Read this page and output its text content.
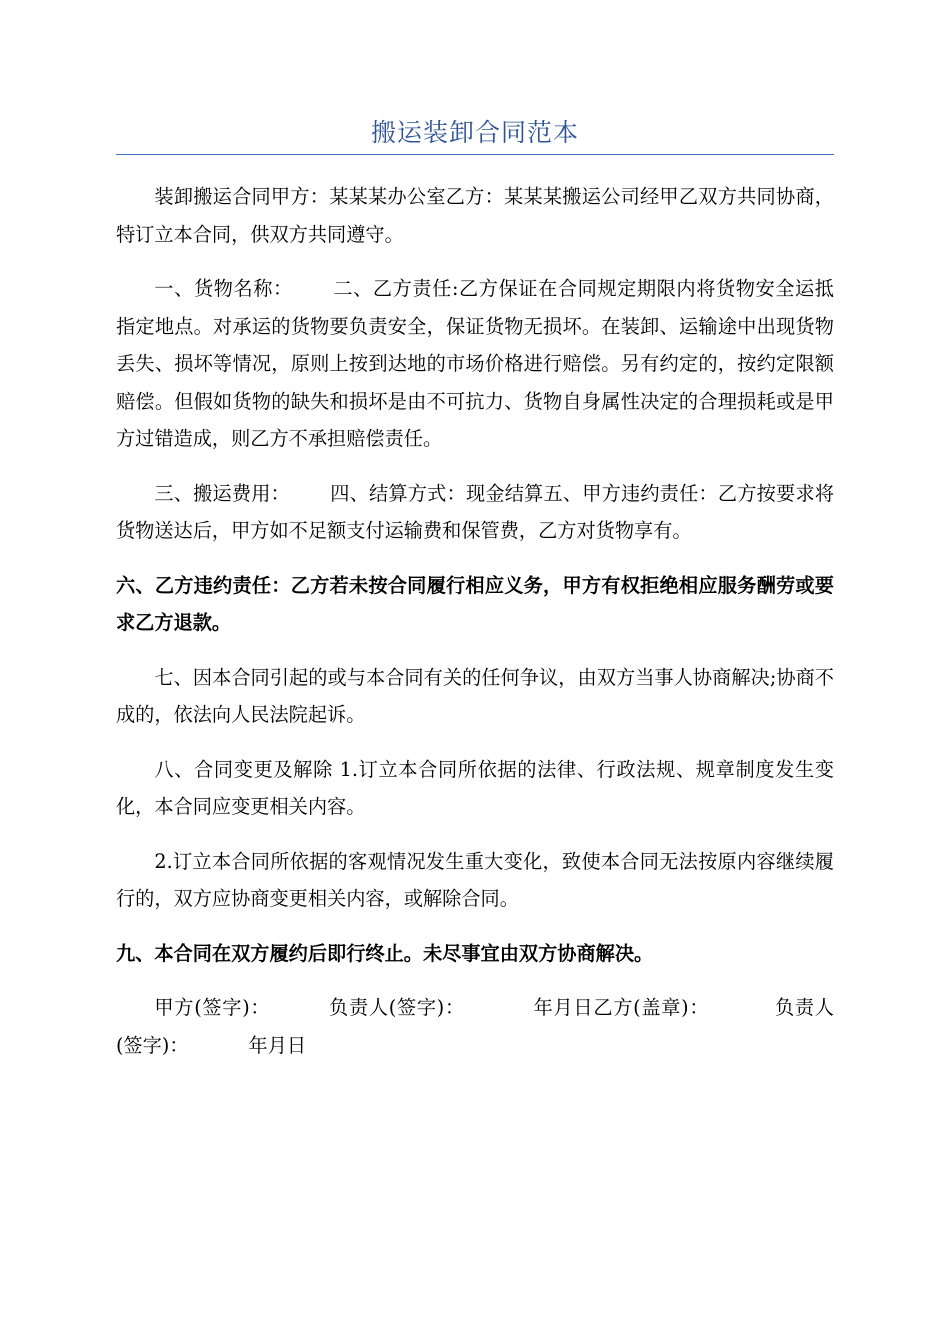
搬运装卸合同范本

装卸搬运合同甲方：某某某办公室乙方：某某某搬运公司经甲乙双方共同协商，特订立本合同，供双方共同遵守。

一、货物名称： 二、乙方责任:乙方保证在合同规定期限内将货物安全运抵指定地点。对承运的货物要负责安全，保证货物无损坏。在装卸、运输途中出现货物丢失、损坏等情况，原则上按到达地的市场价格进行赔偿。另有约定的，按约定限额赔偿。但假如货物的缺失和损坏是由不可抗力、货物自身属性决定的合理损耗或是甲方过错造成，则乙方不承担赔偿责任。

三、搬运费用： 四、结算方式：现金结算五、甲方违约责任：乙方按要求将货物送达后，甲方如不足额支付运输费和保管费，乙方对货物享有。

六、乙方违约责任：乙方若未按合同履行相应义务，甲方有权拒绝相应服务酬劳或要求乙方退款。

七、因本合同引起的或与本合同有关的任何争议，由双方当事人协商解决;协商不成的，依法向人民法院起诉。

八、合同变更及解除 1.订立本合同所依据的法律、行政法规、规章制度发生变化，本合同应变更相关内容。

2.订立本合同所依据的客观情况发生重大变化，致使本合同无法按原内容继续履行的，双方应协商变更相关内容，或解除合同。

九、本合同在双方履约后即行终止。未尽事宜由双方协商解决。

甲方(签字)：	负责人(签字)：	年月日乙方(盖章)：	负责人(签字)：	年月日
